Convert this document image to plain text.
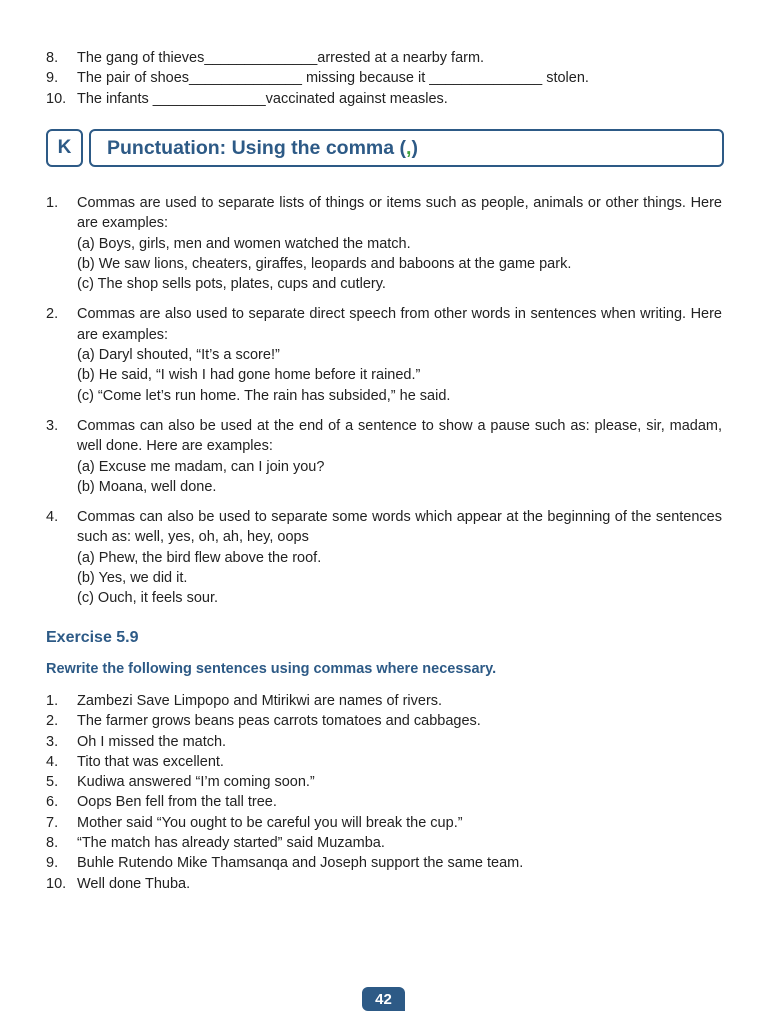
8. The gang of thieves______________arrested at a nearby farm.
9. The pair of shoes______________ missing because it ______________ stolen.
10. The infants ______________vaccinated against measles.
K	Punctuation: Using the comma ( , )
1. Commas are used to separate lists of things or items such as people, animals or other things. Here are examples:
(a) Boys, girls, men and women watched the match.
(b) We saw lions, cheaters, giraffes, leopards and baboons at the game park.
(c) The shop sells pots, plates, cups and cutlery.
2. Commas are also used to separate direct speech from other words in sentences when writing. Here are examples:
(a) Daryl shouted, “It’s a score!”
(b) He said, “I wish I had gone home before it rained.”
(c) “Come let’s run home. The rain has subsided,” he said.
3. Commas can also be used at the end of a sentence to show a pause such as: please, sir, madam, well done. Here are examples:
(a) Excuse me madam, can I join you?
(b) Moana, well done.
4. Commas can also be used to separate some words which appear at the beginning of the sentences such as: well, yes, oh, ah, hey, oops
(a) Phew, the bird flew above the roof.
(b) Yes, we did it.
(c) Ouch, it feels sour.
Exercise 5.9
Rewrite the following sentences using commas where necessary.
1. Zambezi Save Limpopo and Mtirikwi are names of rivers.
2. The farmer grows beans peas carrots tomatoes and cabbages.
3. Oh I missed the match.
4. Tito that was excellent.
5. Kudiwa answered “I’m coming soon.”
6. Oops Ben fell from the tall tree.
7. Mother said “You ought to be careful you will break the cup.”
8. “The match has already started” said Muzamba.
9. Buhle Rutendo Mike Thamsanqa and Joseph support the same team.
10. Well done Thuba.
42
